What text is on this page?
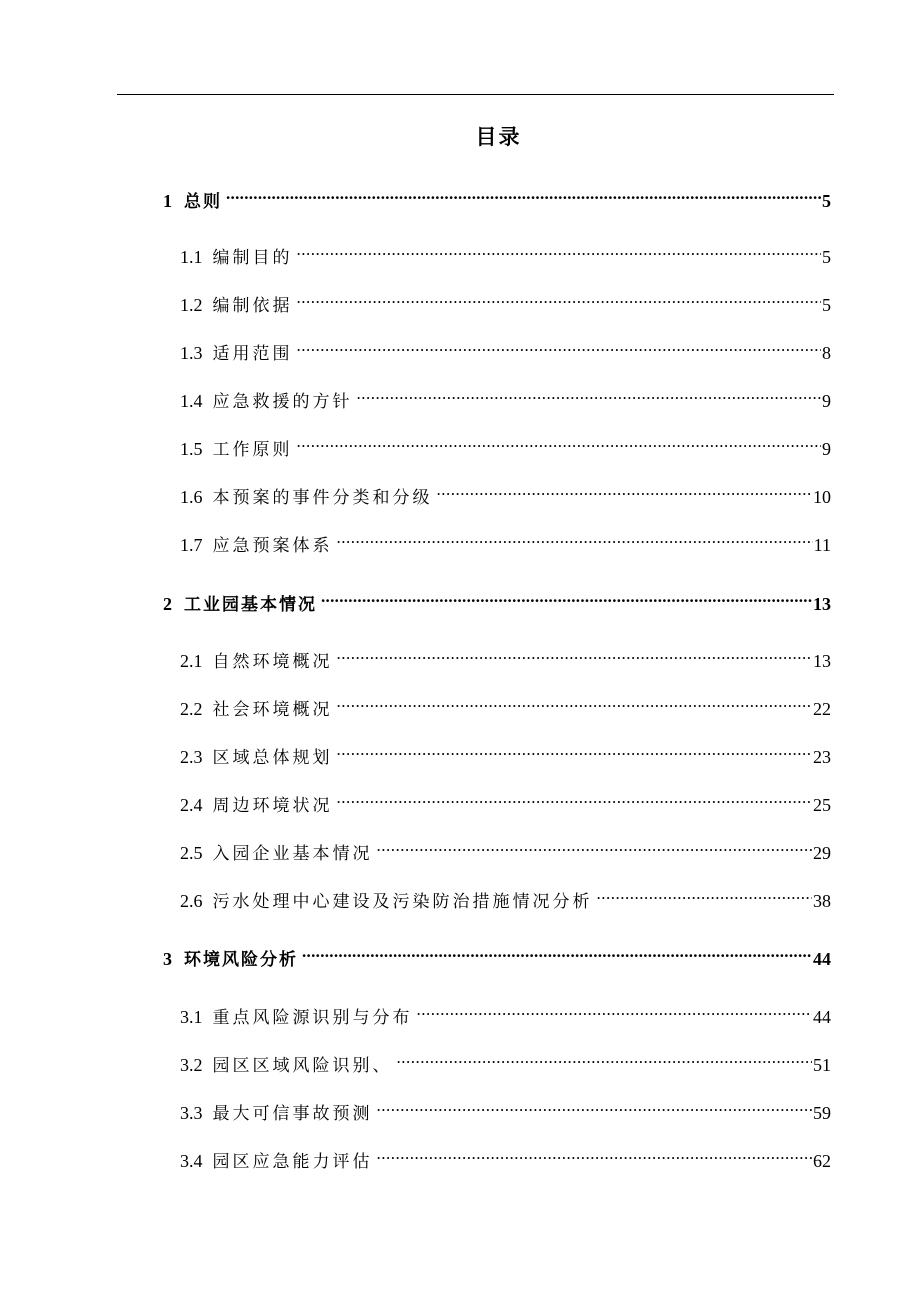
目录
1 总则 .....	5
1.1 编制目的 .....	5
1.2 编制依据 .....	5
1.3 适用范围 .....	8
1.4 应急救援的方针 .....	9
1.5 工作原则 .....	9
1.6 本预案的事件分类和分级 .....	10
1.7 应急预案体系 .....	11
2 工业园基本情况 .....	13
2.1 自然环境概况 .....	13
2.2 社会环境概况 .....	22
2.3 区域总体规划 .....	23
2.4 周边环境状况 .....	25
2.5 入园企业基本情况 .....	29
2.6 污水处理中心建设及污染防治措施情况分析 .....	38
3 环境风险分析 .....	44
3.1 重点风险源识别与分布 .....	44
3.2 园区区域风险识别、 .....	51
3.3 最大可信事故预测 .....	59
3.4 园区应急能力评估 .....	62
